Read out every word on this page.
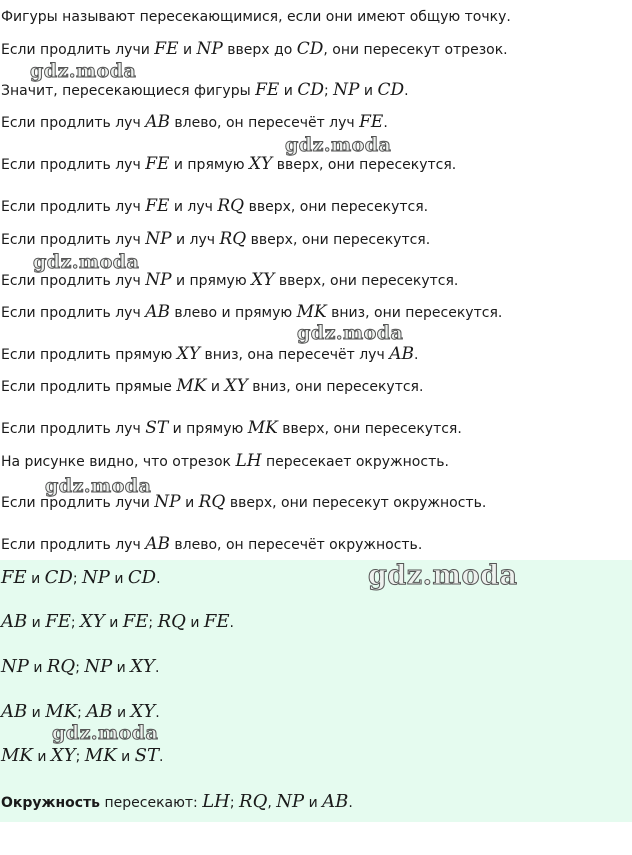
Фигуры называют пересекающимися, если они имеют общую точку.

Если продлить лучи FE и NP вверх до CD, они пересекут отрезок.

Значит, пересекающиеся фигуры FE и CD; NP и CD.

Если продлить луч AB влево, он пересечёт луч FE.

Если продлить луч FE и прямую XY вверх, они пересекутся.

Если продлить луч FE и луч RQ вверх, они пересекутся.

Если продлить луч NP и луч RQ вверх, они пересекутся.

Если продлить луч NP и прямую XY вверх, они пересекутся.

Если продлить луч AB влево и прямую MK вниз, они пересекутся.

Если продлить прямую XY вниз, она пересечёт луч AB.

Если продлить прямые MK и XY вниз, они пересекутся.

Если продлить луч ST и прямую MK вверх, они пересекутся.

На рисунке видно, что отрезок LH пересекает окружность.

Если продлить лучи NP и RQ вверх, они пересекут окружность.

Если продлить луч AB влево, он пересечёт окружность.

FE и CD; NP и CD.

AB и FE; XY и FE; RQ и FE.

NP и RQ; NP и XY.

AB и MK; AB и XY.

MK и XY; MK и ST.

Окружность пересекают: LH; RQ, NP и AB.

gdz.moda
gdz.moda
gdz.moda
gdz.moda
gdz.moda
gdz.moda
gdz.moda
